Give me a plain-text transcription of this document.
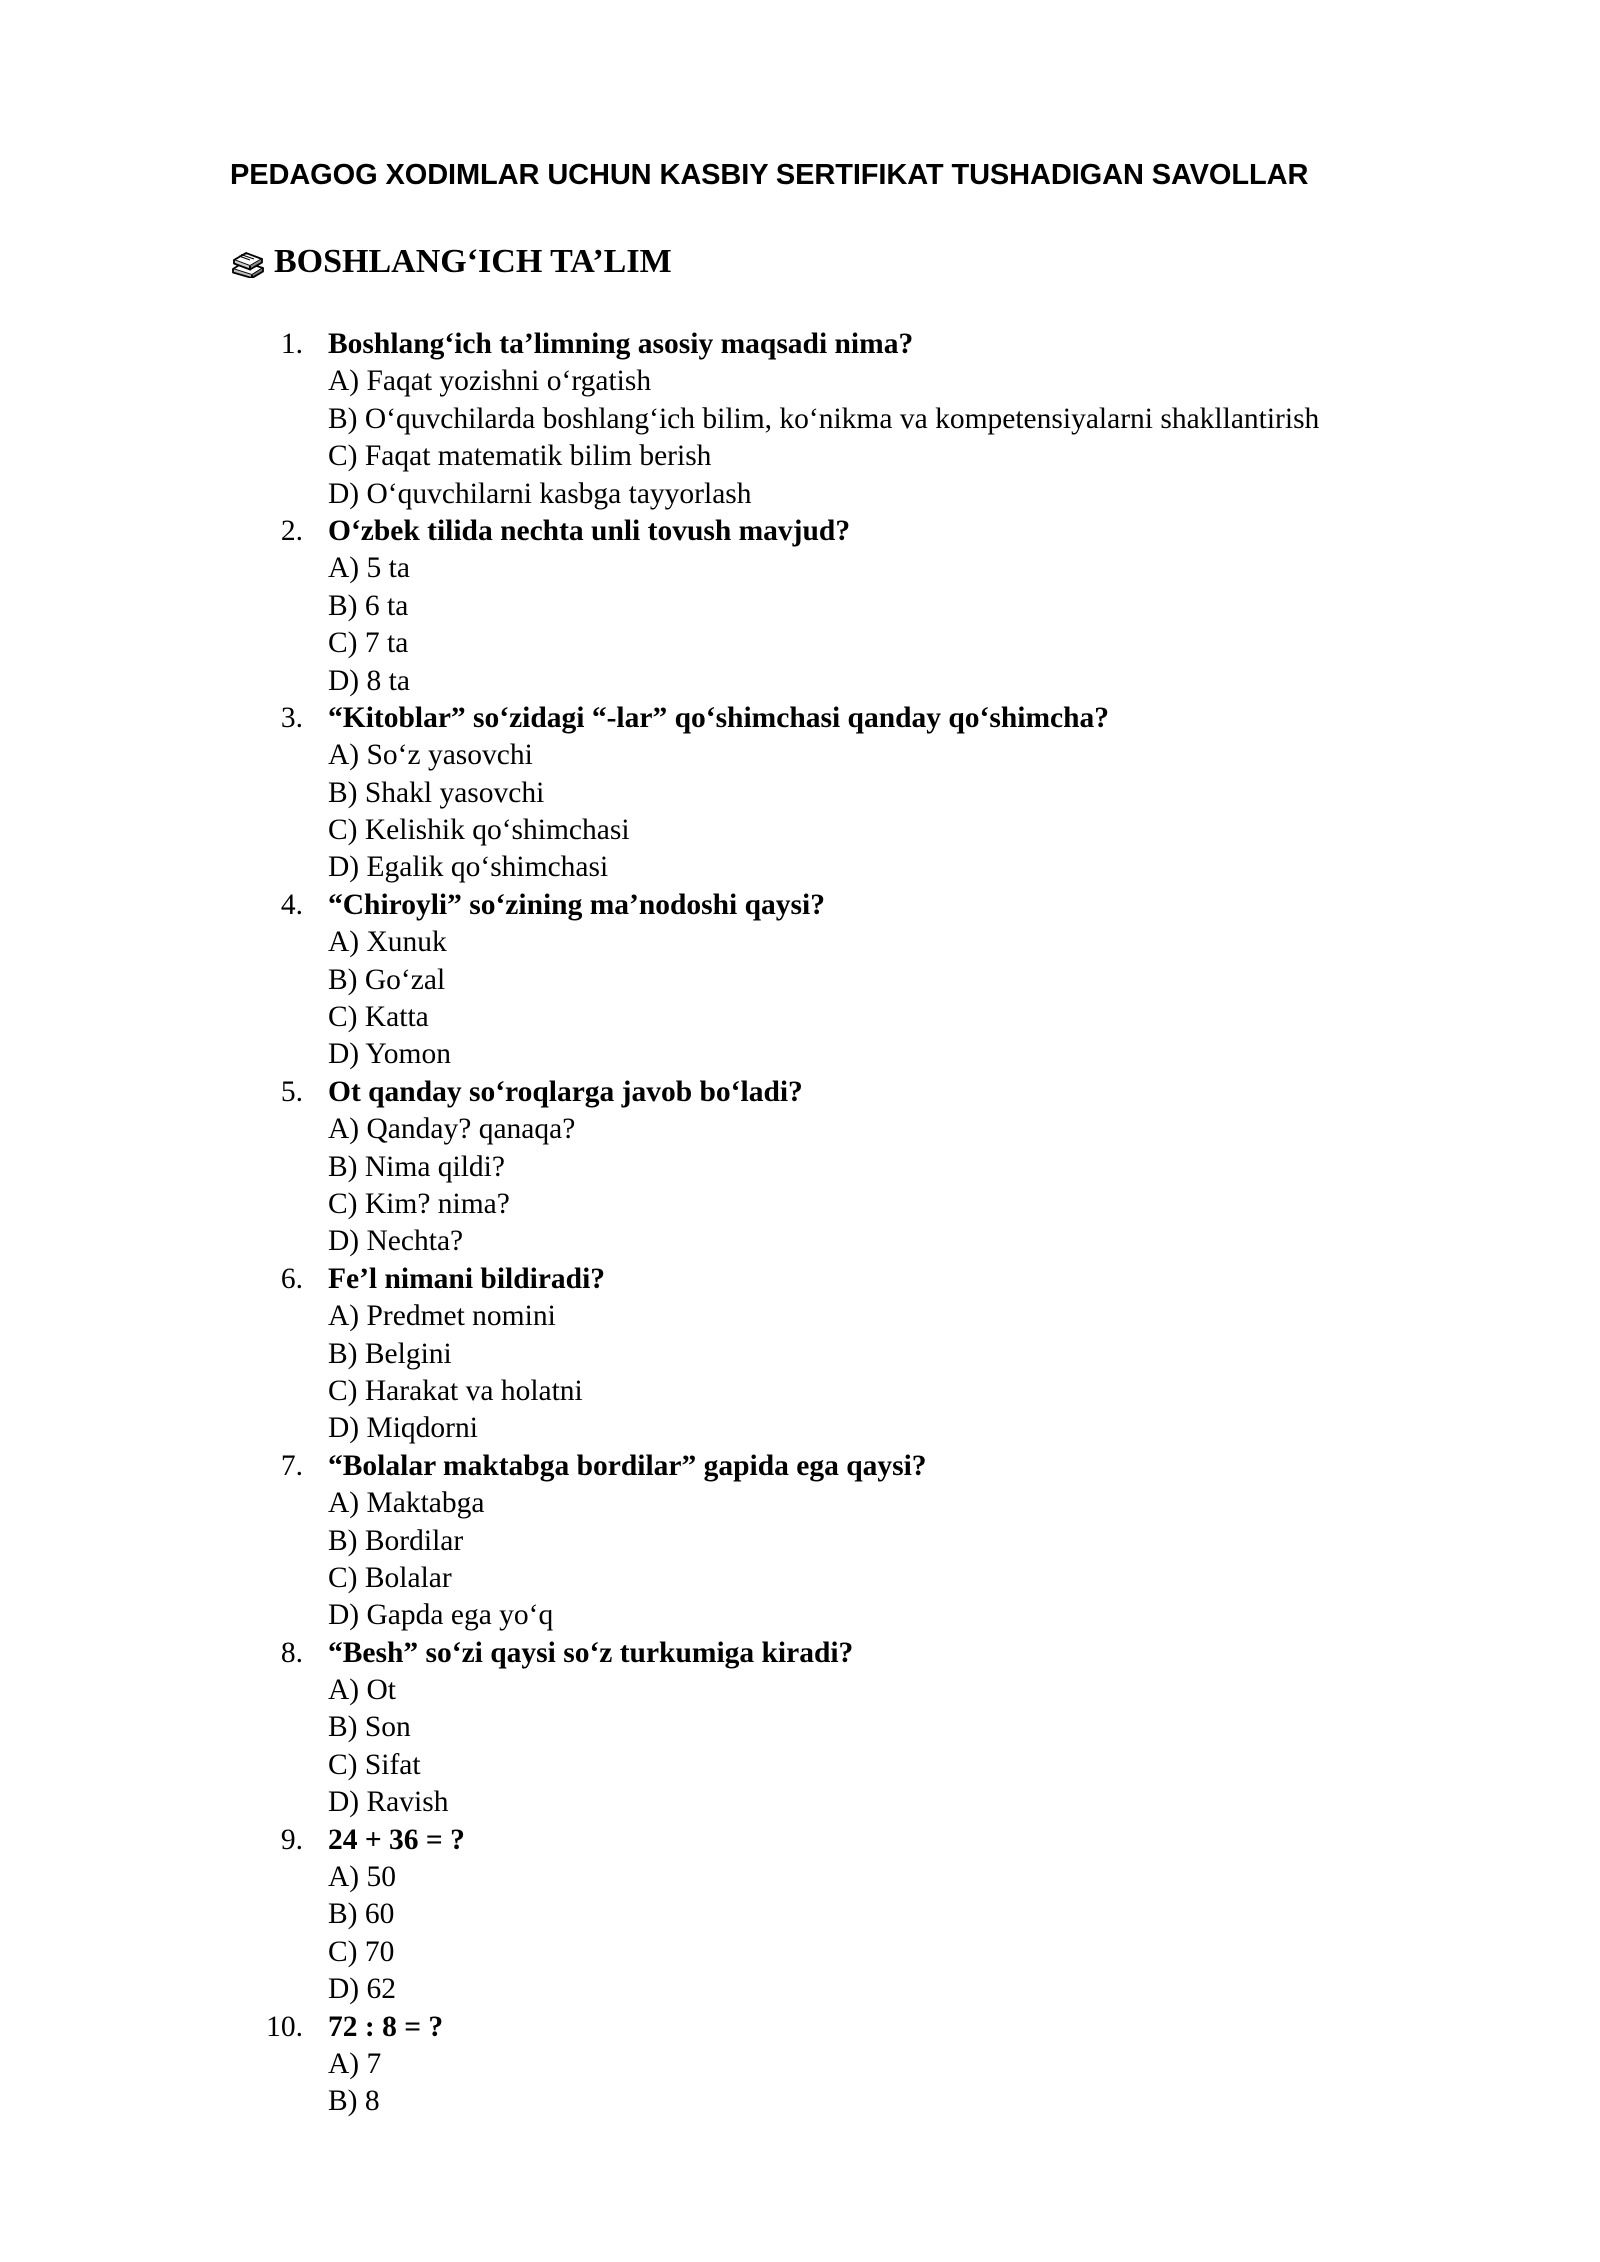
PEDAGOG XODIMLAR UCHUN KASBIY SERTIFIKAT TUSHADIGAN SAVOLLAR
BOSHLANG‘ICH TA’LIM
1. Boshlang‘ich ta’limning asosiy maqsadi nima?
A) Faqat yozishni o‘rgatish
B) O‘quvchilarda boshlang‘ich bilim, ko‘nikma va kompetensiyalarni shakllantirish
C) Faqat matematik bilim berish
D) O‘quvchilarni kasbga tayyorlash
2. O‘zbek tilida nechta unli tovush mavjud?
A) 5 ta
B) 6 ta
C) 7 ta
D) 8 ta
3. “Kitoblar” so‘zidagi “-lar” qo‘shimchasi qanday qo‘shimcha?
A) So‘z yasovchi
B) Shakl yasovchi
C) Kelishik qo‘shimchasi
D) Egalik qo‘shimchasi
4. “Chiroyli” so‘zining ma’nodoshi qaysi?
A) Xunuk
B) Go‘zal
C) Katta
D) Yomon
5. Ot qanday so‘roqlarga javob bo‘ladi?
A) Qanday? qanaqa?
B) Nima qildi?
C) Kim? nima?
D) Nechta?
6. Fe’l nimani bildiradi?
A) Predmet nomini
B) Belgini
C) Harakat va holatni
D) Miqdorni
7. “Bolalar maktabga bordilar” gapida ega qaysi?
A) Maktabga
B) Bordilar
C) Bolalar
D) Gapda ega yo‘q
8. “Besh” so‘zi qaysi so‘z turkumiga kiradi?
A) Ot
B) Son
C) Sifat
D) Ravish
9. 24 + 36 = ?
A) 50
B) 60
C) 70
D) 62
10. 72 : 8 = ?
A) 7
B) 8
